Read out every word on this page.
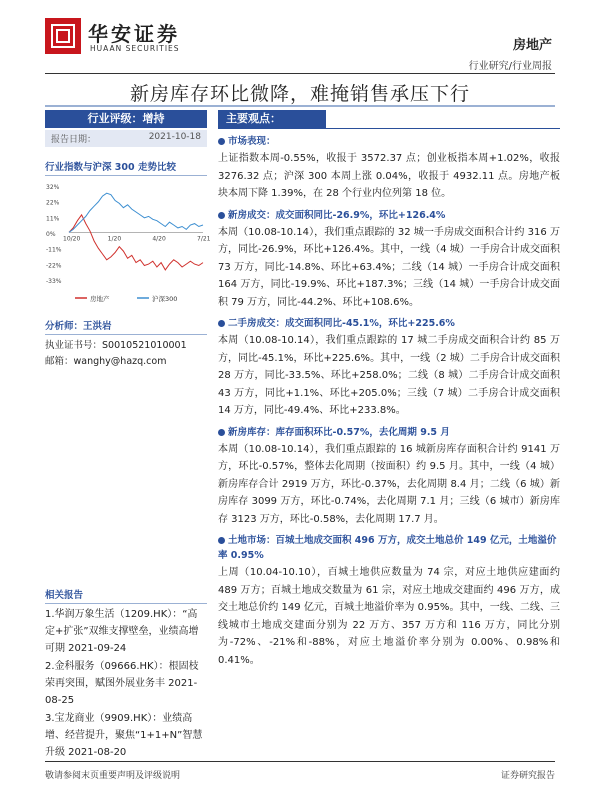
华安证券
HUAAN SECURITIES	房地产
行业研究/行业周报
新房库存环比微降，难掩销售承压下行
行业评级：增持
报告日期：	2021-10-18
行业指数与沪深 300 走势比较
32%
22%
11%
0%
-11%
-22%
-33%
10/20	1/20	4/20	7/21
房地产	沪深300
分析师：王洪岩
执业证书号：S0010521010001
邮箱：wanghy@hazq.com
相关报告
1.华润万象生活（1209.HK）：“高定+扩张”双维支撑壁垒，业绩高增可期 2021-09-24
2.金科服务（09666.HK）：根固枝荣再突围，赋图外展业务丰 2021-08-25
3.宝龙商业（9909.HK）：业绩高增、经营提升，聚焦“1+1+N”智慧升级 2021-08-20
主要观点：
市场表现：
上证指数本周-0.55%，收报于 3572.37 点；创业板指本周+1.02%，收报 3276.32 点；沪深 300 本周上涨 0.04%，收报于 4932.11 点。房地产板块本周下降 1.39%，在 28 个行业内位列第 18 位。
新房成交：成交面积同比-26.9%，环比+126.4%
本周（10.08-10.14），我们重点跟踪的 32 城一手房成交面积合计约 316 万方，同比-26.9%，环比+126.4%。其中，一线（4 城）一手房合计成交面积 73 万方，同比-14.8%、环比+63.4%；二线（14 城）一手房合计成交面积 164 万方，同比-19.9%、环比+187.3%；三线（14 城）一手房合计成交面积 79 万方，同比-44.2%、环比+108.6%。
二手房成交：成交面积同比-45.1%，环比+225.6%
本周（10.08-10.14），我们重点跟踪的 17 城二手房成交面积合计约 85 万方，同比-45.1%，环比+225.6%。其中，一线（2 城）二手房合计成交面积 28 万方，同比-33.5%、环比+258.0%；二线（8 城）二手房合计成交面积 43 万方，同比+1.1%、环比+205.0%；三线（7 城）二手房合计成交面积 14 万方，同比-49.4%、环比+233.8%。
新房库存：库存面积环比-0.57%，去化周期 9.5 月
本周（10.08-10.14），我们重点跟踪的 16 城新房库存面积合计约 9141 万方，环比-0.57%，整体去化周期（按面积）约 9.5 月。其中，一线（4 城）新房库存合计 2919 万方，环比-0.37%，去化周期 8.4 月；二线（6 城）新房库存 3099 万方，环比-0.74%，去化周期 7.1 月；三线（6 城市）新房库存 3123 万方，环比-0.58%，去化周期 17.7 月。
土地市场：百城土地成交面积 496 万方，成交土地总价 149 亿元，土地溢价率 0.95%
上周（10.04-10.10），百城土地供应数量为 74 宗，对应土地供应建面约 489 万方；百城土地成交数量为 61 宗，对应土地成交建面约 496 万方，成交土地总价约 149 亿元，百城土地溢价率为 0.95%。其中，一线、二线、三线城市土地成交建面分别为 22 万方、357 万方和 116 万方，同比分别为-72%、-21%和-88%，对应土地溢价率分别为 0.00%、0.98%和 0.41%。
敬请参阅末页重要声明及评级说明	证券研究报告
